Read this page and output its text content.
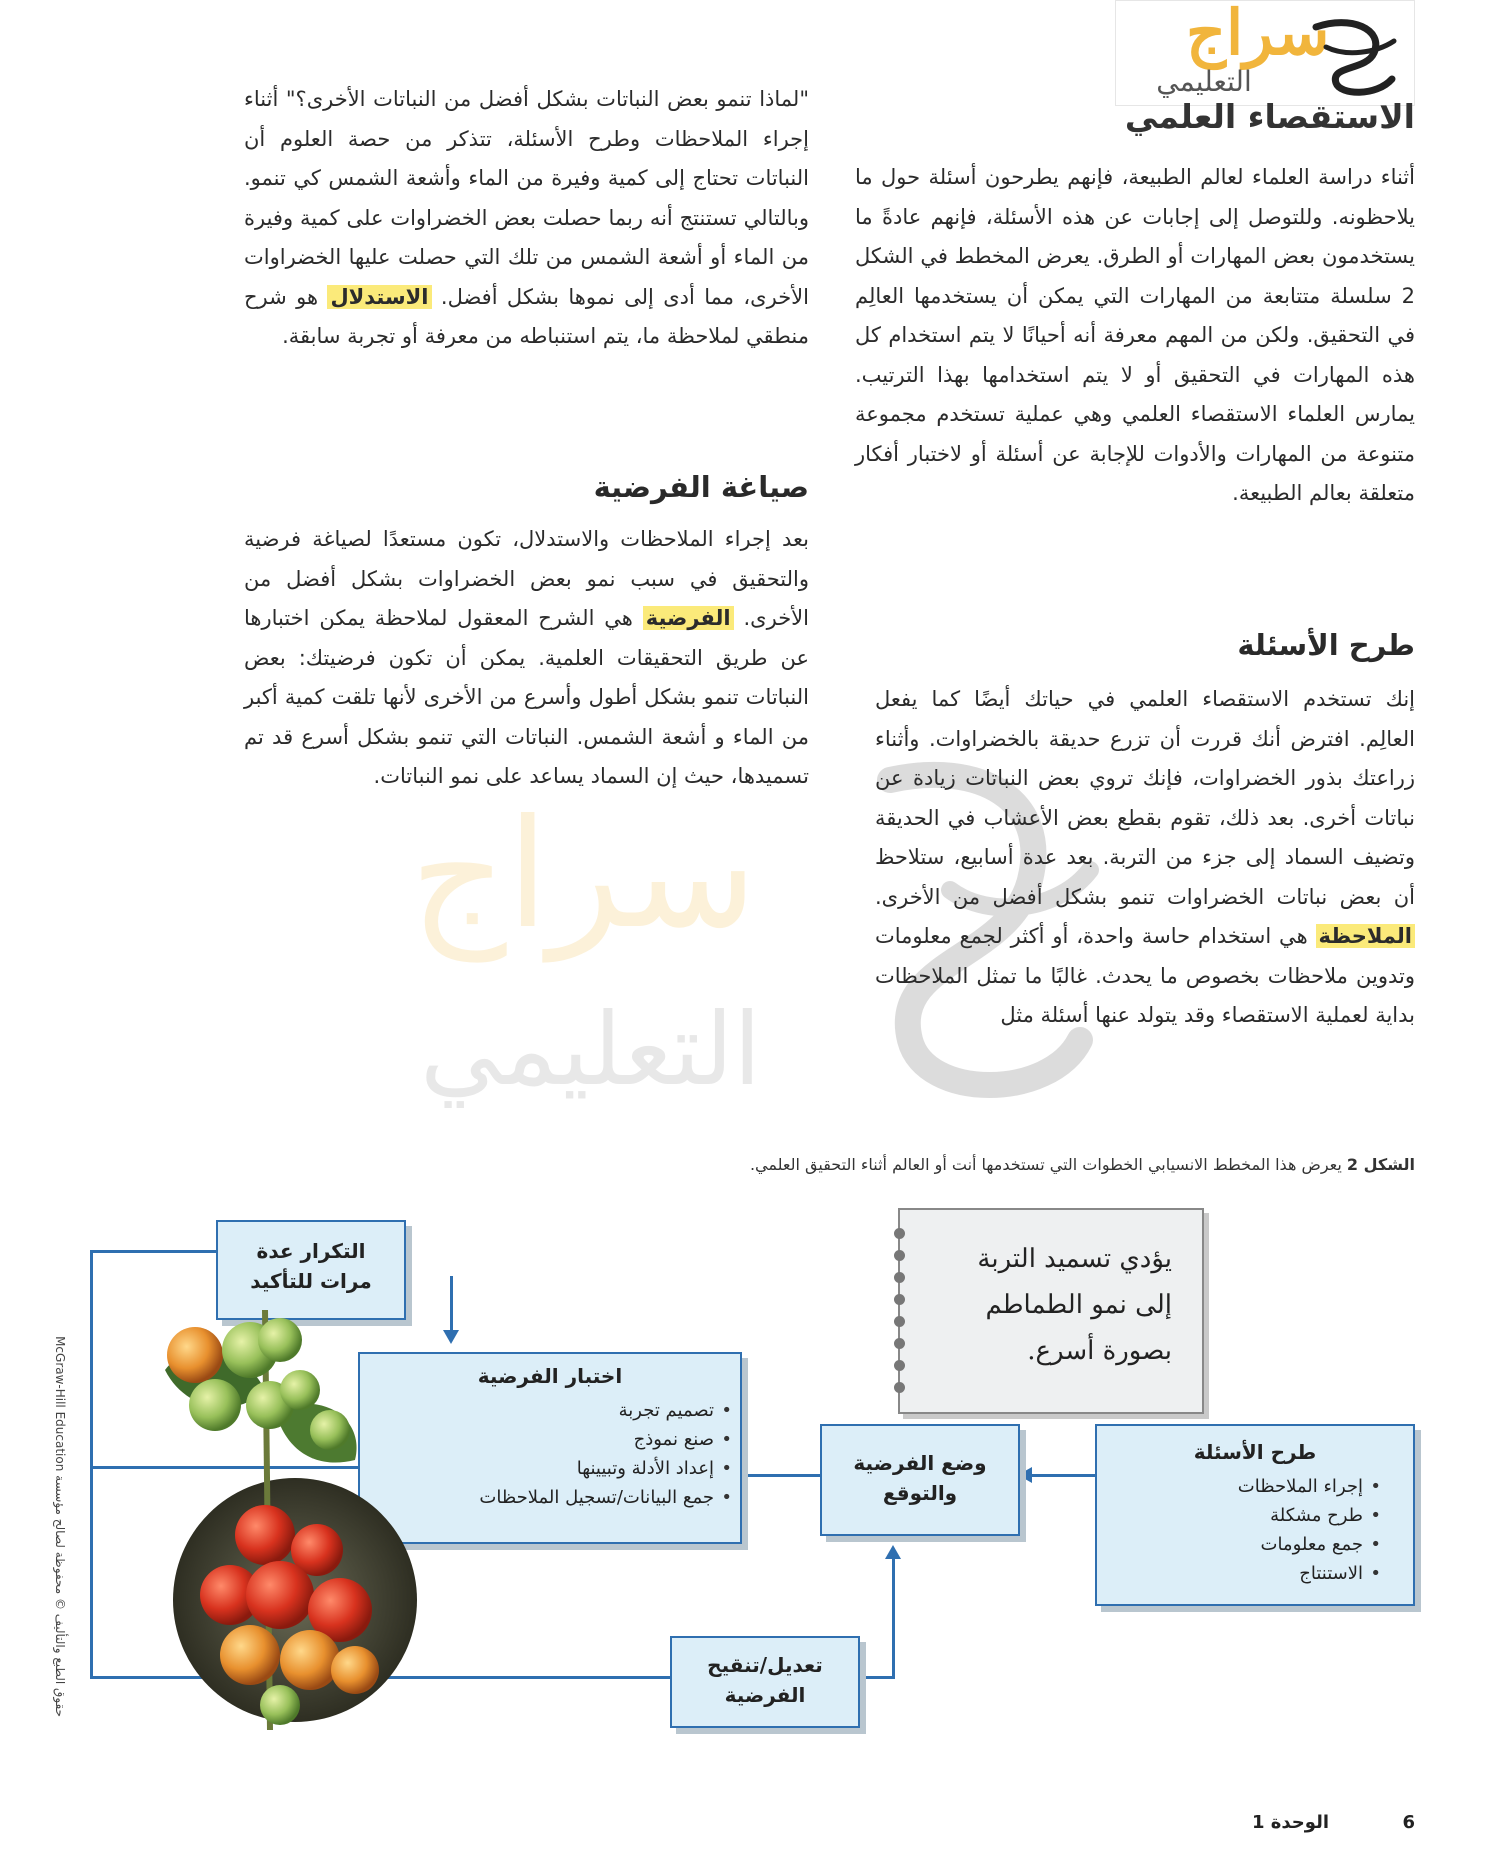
سراج
التعليمي
سراج
التعليمي
الاستقصاء العلمي

أثناء دراسة العلماء لعالم الطبيعة، فإنهم يطرحون أسئلة حول ما يلاحظونه. وللتوصل إلى إجابات عن هذه الأسئلة، فإنهم عادةً ما يستخدمون بعض المهارات أو الطرق. يعرض المخطط في الشكل 2 سلسلة متتابعة من المهارات التي يمكن أن يستخدمها العالِم في التحقيق. ولكن من المهم معرفة أنه أحيانًا لا يتم استخدام كل هذه المهارات في التحقيق أو لا يتم استخدامها بهذا الترتيب. يمارس العلماء الاستقصاء العلمي وهي عملية تستخدم مجموعة متنوعة من المهارات والأدوات للإجابة عن أسئلة أو لاختبار أفكار متعلقة بعالم الطبيعة.

طرح الأسئلة

إنك تستخدم الاستقصاء العلمي في حياتك أيضًا كما يفعل العالِم. افترض أنك قررت أن تزرع حديقة بالخضراوات. وأثناء زراعتك بذور الخضراوات، فإنك تروي بعض النباتات زيادة عن نباتات أخرى. بعد ذلك، تقوم بقطع بعض الأعشاب في الحديقة وتضيف السماد إلى جزء من التربة. بعد عدة أسابيع، ستلاحظ أن بعض نباتات الخضراوات تنمو بشكل أفضل من الأخرى. الملاحظة هي استخدام حاسة واحدة، أو أكثر لجمع معلومات وتدوين ملاحظات بخصوص ما يحدث. غالبًا ما تمثل الملاحظات بداية لعملية الاستقصاء وقد يتولد عنها أسئلة مثل

"لماذا تنمو بعض النباتات بشكل أفضل من النباتات الأخرى؟" أثناء إجراء الملاحظات وطرح الأسئلة، تتذكر من حصة العلوم أن النباتات تحتاج إلى كمية وفيرة من الماء وأشعة الشمس كي تنمو. وبالتالي تستنتج أنه ربما حصلت بعض الخضراوات على كمية وفيرة من الماء أو أشعة الشمس من تلك التي حصلت عليها الخضراوات الأخرى، مما أدى إلى نموها بشكل أفضل. الاستدلال هو شرح منطقي لملاحظة ما، يتم استنباطه من معرفة أو تجربة سابقة.

صياغة الفرضية

بعد إجراء الملاحظات والاستدلال، تكون مستعدًا لصياغة فرضية والتحقيق في سبب نمو بعض الخضراوات بشكل أفضل من الأخرى. الفرضية هي الشرح المعقول لملاحظة يمكن اختبارها عن طريق التحقيقات العلمية. يمكن أن تكون فرضيتك: بعض النباتات تنمو بشكل أطول وأسرع من الأخرى لأنها تلقت كمية أكبر من الماء و أشعة الشمس. النباتات التي تنمو بشكل أسرع قد تم تسميدها، حيث إن السماد يساعد على نمو النباتات.

الشكل 2 يعرض هذا المخطط الانسيابي الخطوات التي تستخدمها أنت أو العالم أثناء التحقيق العلمي.
حقوق الطبع والتأليف © محفوظة لصالح مؤسسة McGraw-Hill Education
التكرار عدة مرات للتأكيد
اختبار الفرضية
• تصميم تجربة
• صنع نموذج
• إعداد الأدلة وتبيينها
• جمع البيانات/تسجيل الملاحظات
وضع الفرضية والتوقع
طرح الأسئلة
• إجراء الملاحظات
• طرح مشكلة
• جمع معلومات
• الاستنتاج
تعديل/تنقيح الفرضية
يؤدي تسميد التربة إلى نمو الطماطم بصورة أسرع.
6
الوحدة 1
